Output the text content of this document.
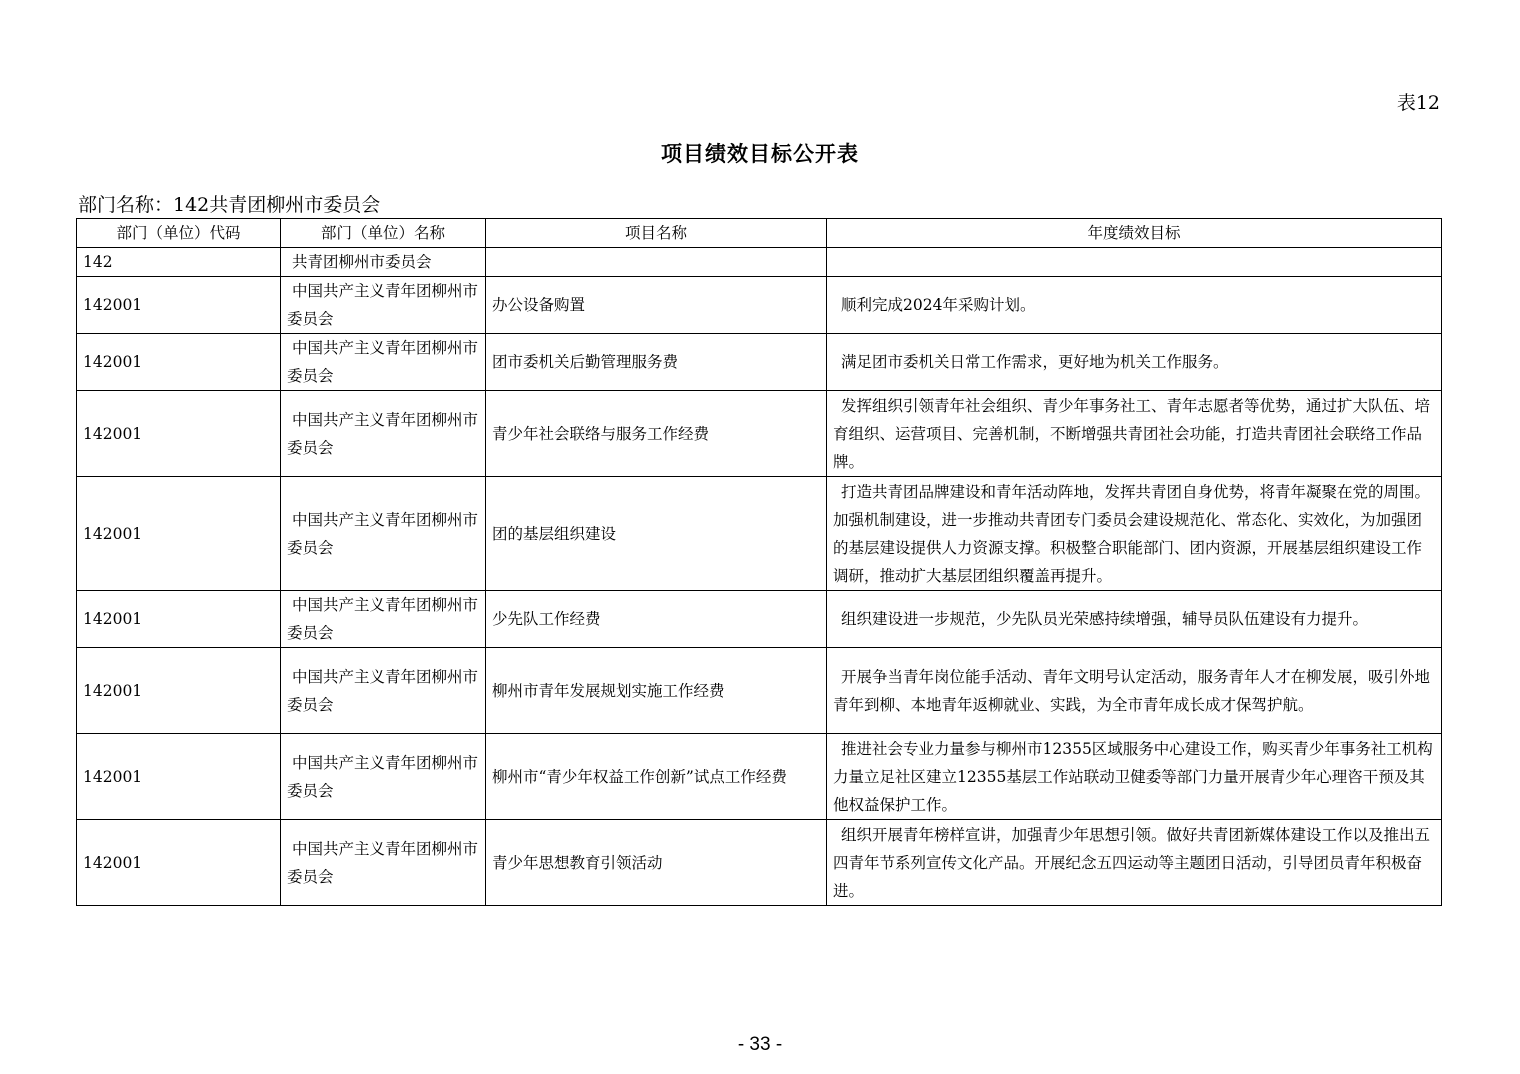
表12
项目绩效目标公开表
部门名称：142共青团柳州市委员会
部门（单位）代码	部门（单位）名称	项目名称	年度绩效目标
142	共青团柳州市委员会		
142001	中国共产主义青年团柳州市委员会	办公设备购置	顺利完成2024年采购计划。
142001	中国共产主义青年团柳州市委员会	团市委机关后勤管理服务费	满足团市委机关日常工作需求，更好地为机关工作服务。
142001	中国共产主义青年团柳州市委员会	青少年社会联络与服务工作经费	发挥组织引领青年社会组织、青少年事务社工、青年志愿者等优势，通过扩大队伍、培育组织、运营项目、完善机制，不断增强共青团社会功能，打造共青团社会联络工作品牌。
142001	中国共产主义青年团柳州市委员会	团的基层组织建设	打造共青团品牌建设和青年活动阵地，发挥共青团自身优势，将青年凝聚在党的周围。加强机制建设，进一步推动共青团专门委员会建设规范化、常态化、实效化，为加强团的基层建设提供人力资源支撑。积极整合职能部门、团内资源，开展基层组织建设工作调研，推动扩大基层团组织覆盖再提升。
142001	中国共产主义青年团柳州市委员会	少先队工作经费	组织建设进一步规范，少先队员光荣感持续增强，辅导员队伍建设有力提升。
142001	中国共产主义青年团柳州市委员会	柳州市青年发展规划实施工作经费	开展争当青年岗位能手活动、青年文明号认定活动，服务青年人才在柳发展，吸引外地青年到柳、本地青年返柳就业、实践，为全市青年成长成才保驾护航。
142001	中国共产主义青年团柳州市委员会	柳州市“青少年权益工作创新”试点工作经费	推进社会专业力量参与柳州市12355区域服务中心建设工作，购买青少年事务社工机构力量立足社区建立12355基层工作站联动卫健委等部门力量开展青少年心理咨干预及其他权益保护工作。
142001	中国共产主义青年团柳州市委员会	青少年思想教育引领活动	组织开展青年榜样宣讲，加强青少年思想引领。做好共青团新媒体建设工作以及推出五四青年节系列宣传文化产品。开展纪念五四运动等主题团日活动，引导团员青年积极奋进。
- 33 -
